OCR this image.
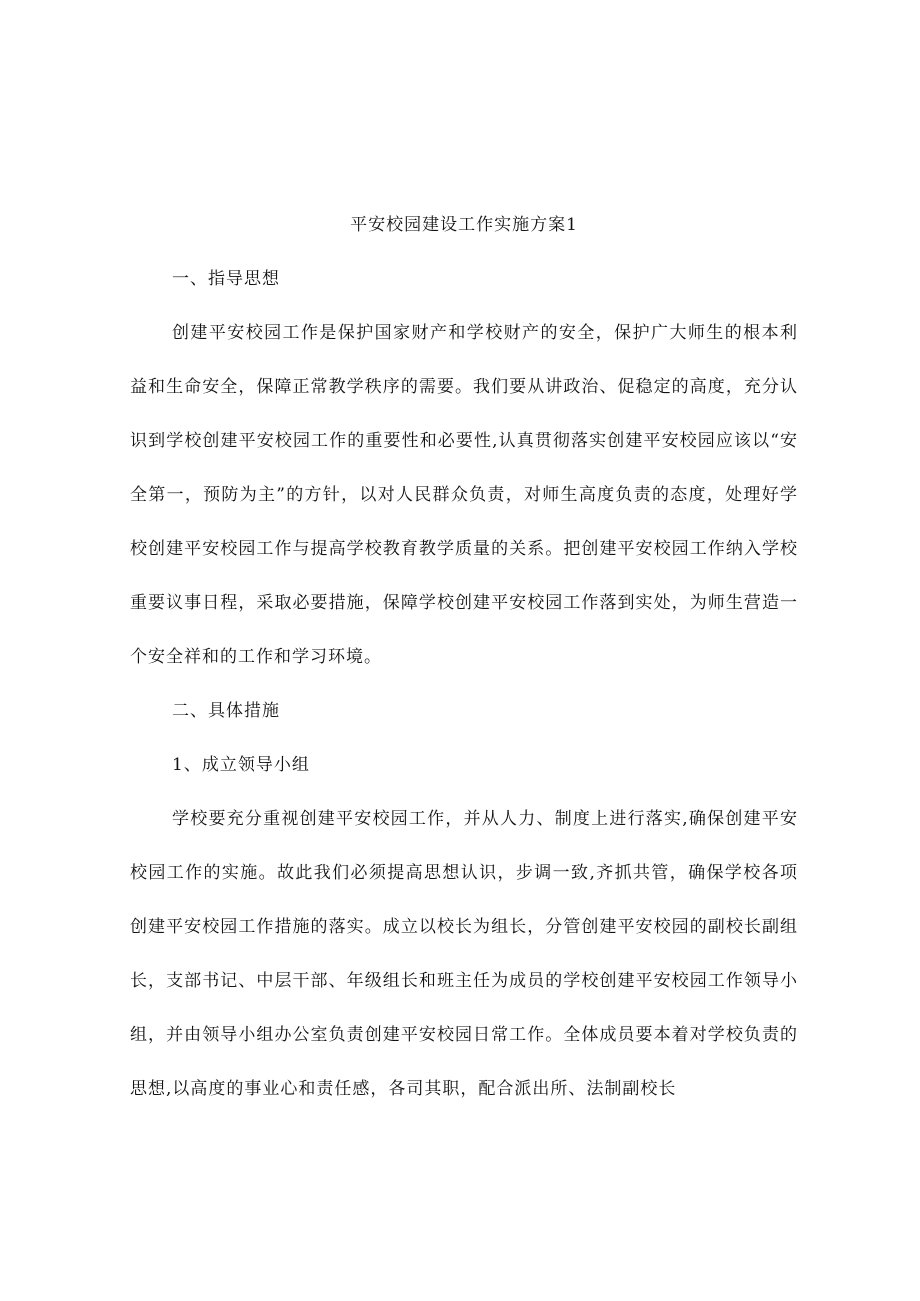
平安校园建设工作实施方案1
一、指导思想
创建平安校园工作是保护国家财产和学校财产的安全，保护广大师生的根本利益和生命安全，保障正常教学秩序的需要。我们要从讲政治、促稳定的高度，充分认识到学校创建平安校园工作的重要性和必要性,认真贯彻落实创建平安校园应该以“安全第一，预防为主”的方针，以对人民群众负责，对师生高度负责的态度，处理好学校创建平安校园工作与提高学校教育教学质量的关系。把创建平安校园工作纳入学校重要议事日程，采取必要措施，保障学校创建平安校园工作落到实处，为师生营造一个安全祥和的工作和学习环境。
二、具体措施
1、成立领导小组
学校要充分重视创建平安校园工作，并从人力、制度上进行落实,确保创建平安校园工作的实施。故此我们必须提高思想认识，步调一致,齐抓共管，确保学校各项创建平安校园工作措施的落实。成立以校长为组长，分管创建平安校园的副校长副组长，支部书记、中层干部、年级组长和班主任为成员的学校创建平安校园工作领导小组，并由领导小组办公室负责创建平安校园日常工作。全体成员要本着对学校负责的思想,以高度的事业心和责任感，各司其职，配合派出所、法制副校长
